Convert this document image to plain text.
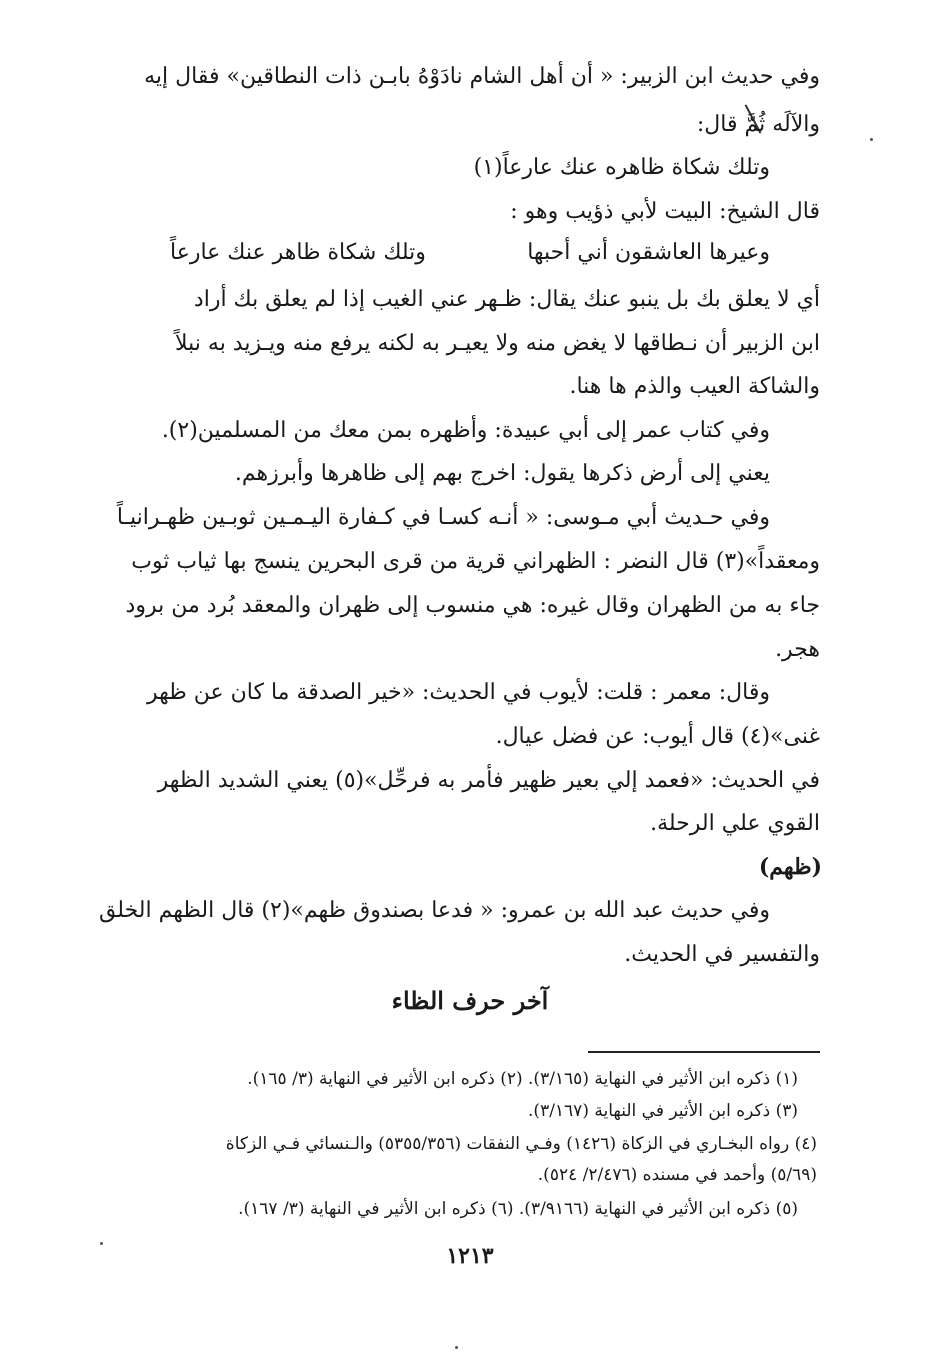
وفي حديث ابن الزبير: « أن أهل الشام نادَوْهُ بابـن ذات النطاقين» فقال إيه
والآلَه ثُمَّ قال:
وتلك شكاة ظاهره عنك عارعاً(١)
قال الشيخ: البيت لأبي ذؤيب وهو :
وعيرها العاشقون أني أحبها
وتلك شكاة ظاهر عنك عارعاً
أي لا يعلق بك بل ينبو عنك يقال: ظـهر عني الغيب إذا لم يعلق بك أراد
ابن الزبير أن نـطاقها لا يغض منه ولا يعيـر به لكنه يرفع منه ويـزيد به نبلاً
والشاكة العيب والذم ها هنا.
وفي كتاب عمر إلى أبي عبيدة: وأظهره بمن معك من المسلمين(٢).
يعني إلى أرض ذكرها يقول: اخرج بهم إلى ظاهرها وأبرزهم.
وفي حـديث أبي مـوسى: « أنـه كسـا في كـفارة اليـمـين ثوبـين ظهـرانيـاً
ومعقداً»(٣) قال النضر : الظهراني قرية من قرى البحرين ينسج بها ثياب ثوب
جاء به من الظهران وقال غيره: هي منسوب إلى ظهران والمعقد بُرد من برود
هجر.
وقال: معمر : قلت: لأيوب في الحديث: «خير الصدقة ما كان عن ظهر
غنى»(٤) قال أيوب: عن فضل عيال.
في الحديث: «فعمد إلي بعير ظهير فأمر به فرحِّل»(٥) يعني الشديد الظهر
القوي علي الرحلة.
(ظهم)
وفي حديث عبد الله بن عمرو: « فدعا بصندوق ظهم»(٢) قال الظهم الخلق
والتفسير في الحديث.
آخر حرف الظاء
(١) ذكره ابن الأثير في النهاية (٣/١٦٥). (٢) ذكره ابن الأثير في النهاية (٣/ ١٦٥).
(٣) ذكره ابن الأثير في النهاية (٣/١٦٧).
(٤) رواه البخـاري في الزكاة (١٤٢٦) وفـي النفقات (٥٣٥٥/٣٥٦) والـنسائي فـي الزكاة
(٥/٦٩) وأحمد في مسنده (٢/٤٧٦/ ٥٢٤).
(٥) ذكره ابن الأثير في النهاية (٣/٩١٦٦). (٦) ذكره ابن الأثير في النهاية (٣/ ١٦٧).
١٢١٣
